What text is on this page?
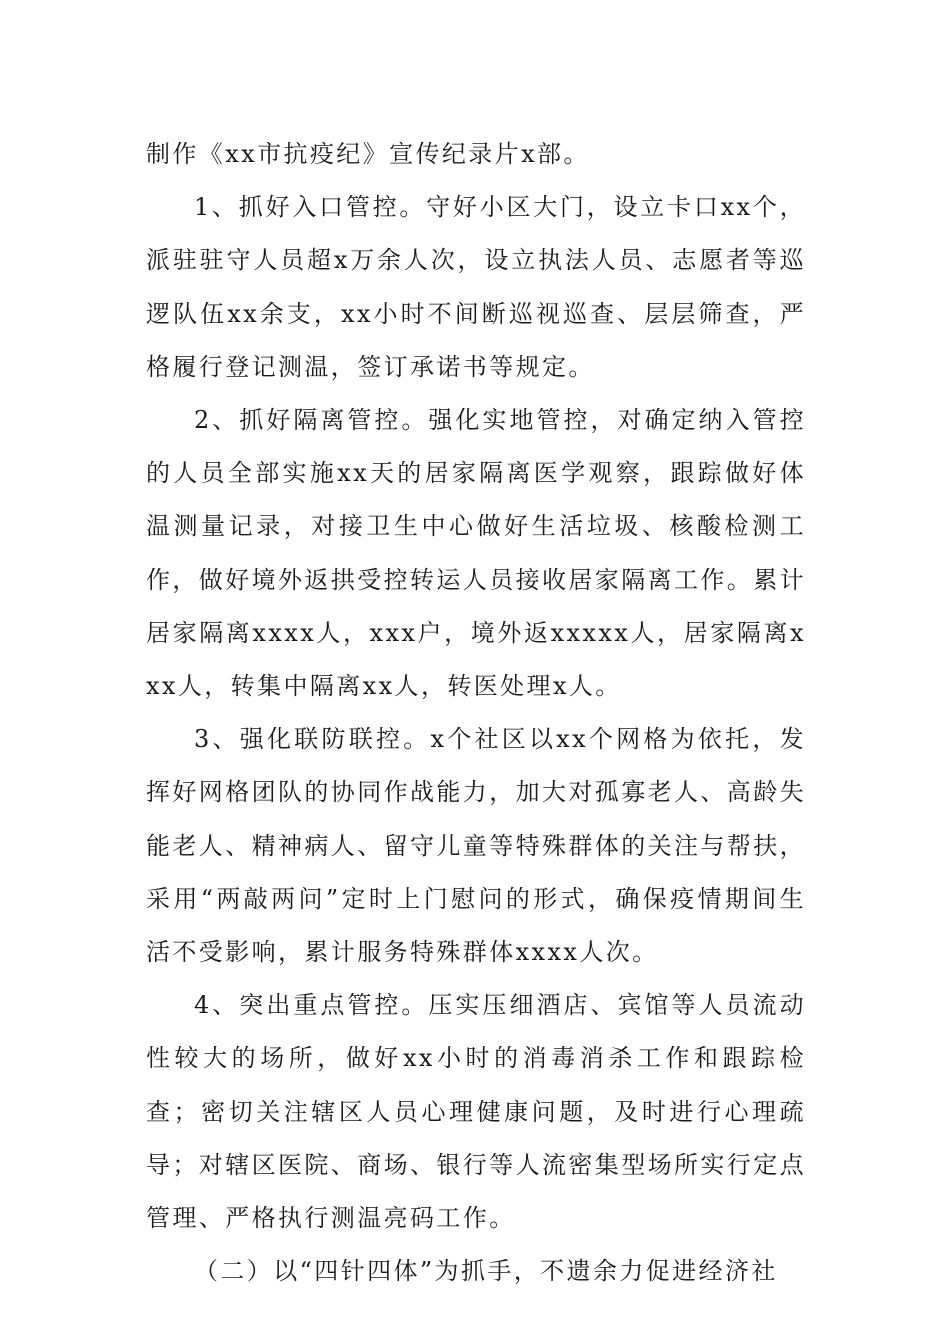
制作《xx市抗疫纪》宣传纪录片x部。

1、抓好入口管控。守好小区大门，设立卡口xx个，派驻驻守人员超x万余人次，设立执法人员、志愿者等巡逻队伍xx余支，xx小时不间断巡视巡查、层层筛查，严格履行登记测温，签订承诺书等规定。

2、抓好隔离管控。强化实地管控，对确定纳入管控的人员全部实施xx天的居家隔离医学观察，跟踪做好体温测量记录，对接卫生中心做好生活垃圾、核酸检测工作，做好境外返拱受控转运人员接收居家隔离工作。累计居家隔离xxxx人，xxx户，境外返xxxxx人，居家隔离xxx人，转集中隔离xx人，转医处理x人。

3、强化联防联控。x个社区以xx个网格为依托，发挥好网格团队的协同作战能力，加大对孤寡老人、高龄失能老人、精神病人、留守儿童等特殊群体的关注与帮扶，采用“两敲两问”定时上门慰问的形式，确保疫情期间生活不受影响，累计服务特殊群体xxxx人次。

4、突出重点管控。压实压细酒店、宾馆等人员流动性较大的场所，做好xx小时的消毒消杀工作和跟踪检查；密切关注辖区人员心理健康问题，及时进行心理疏导；对辖区医院、商场、银行等人流密集型场所实行定点管理、严格执行测温亮码工作。

（二）以“四针四体”为抓手，不遗余力促进经济社
